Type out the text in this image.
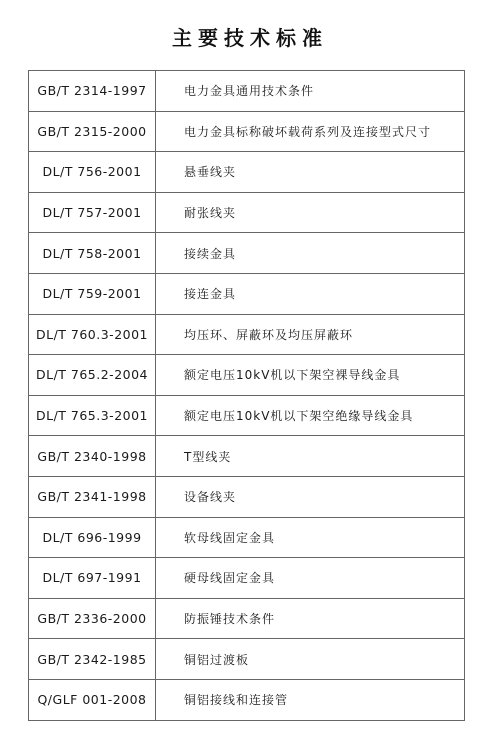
主要技术标准
GB/T 2314-1997	电力金具通用技术条件
GB/T 2315-2000	电力金具标称破坏载荷系列及连接型式尺寸
DL/T 756-2001	悬垂线夹
DL/T 757-2001	耐张线夹
DL/T 758-2001	接续金具
DL/T 759-2001	接连金具
DL/T 760.3-2001	均压环、屏蔽环及均压屏蔽环
DL/T 765.2-2004	额定电压10kV机以下架空裸导线金具
DL/T 765.3-2001	额定电压10kV机以下架空绝缘导线金具
GB/T 2340-1998	T型线夹
GB/T 2341-1998	设备线夹
DL/T 696-1999	软母线固定金具
DL/T 697-1991	硬母线固定金具
GB/T 2336-2000	防振锤技术条件
GB/T 2342-1985	铜铝过渡板
Q/GLF 001-2008	铜铝接线和连接管
